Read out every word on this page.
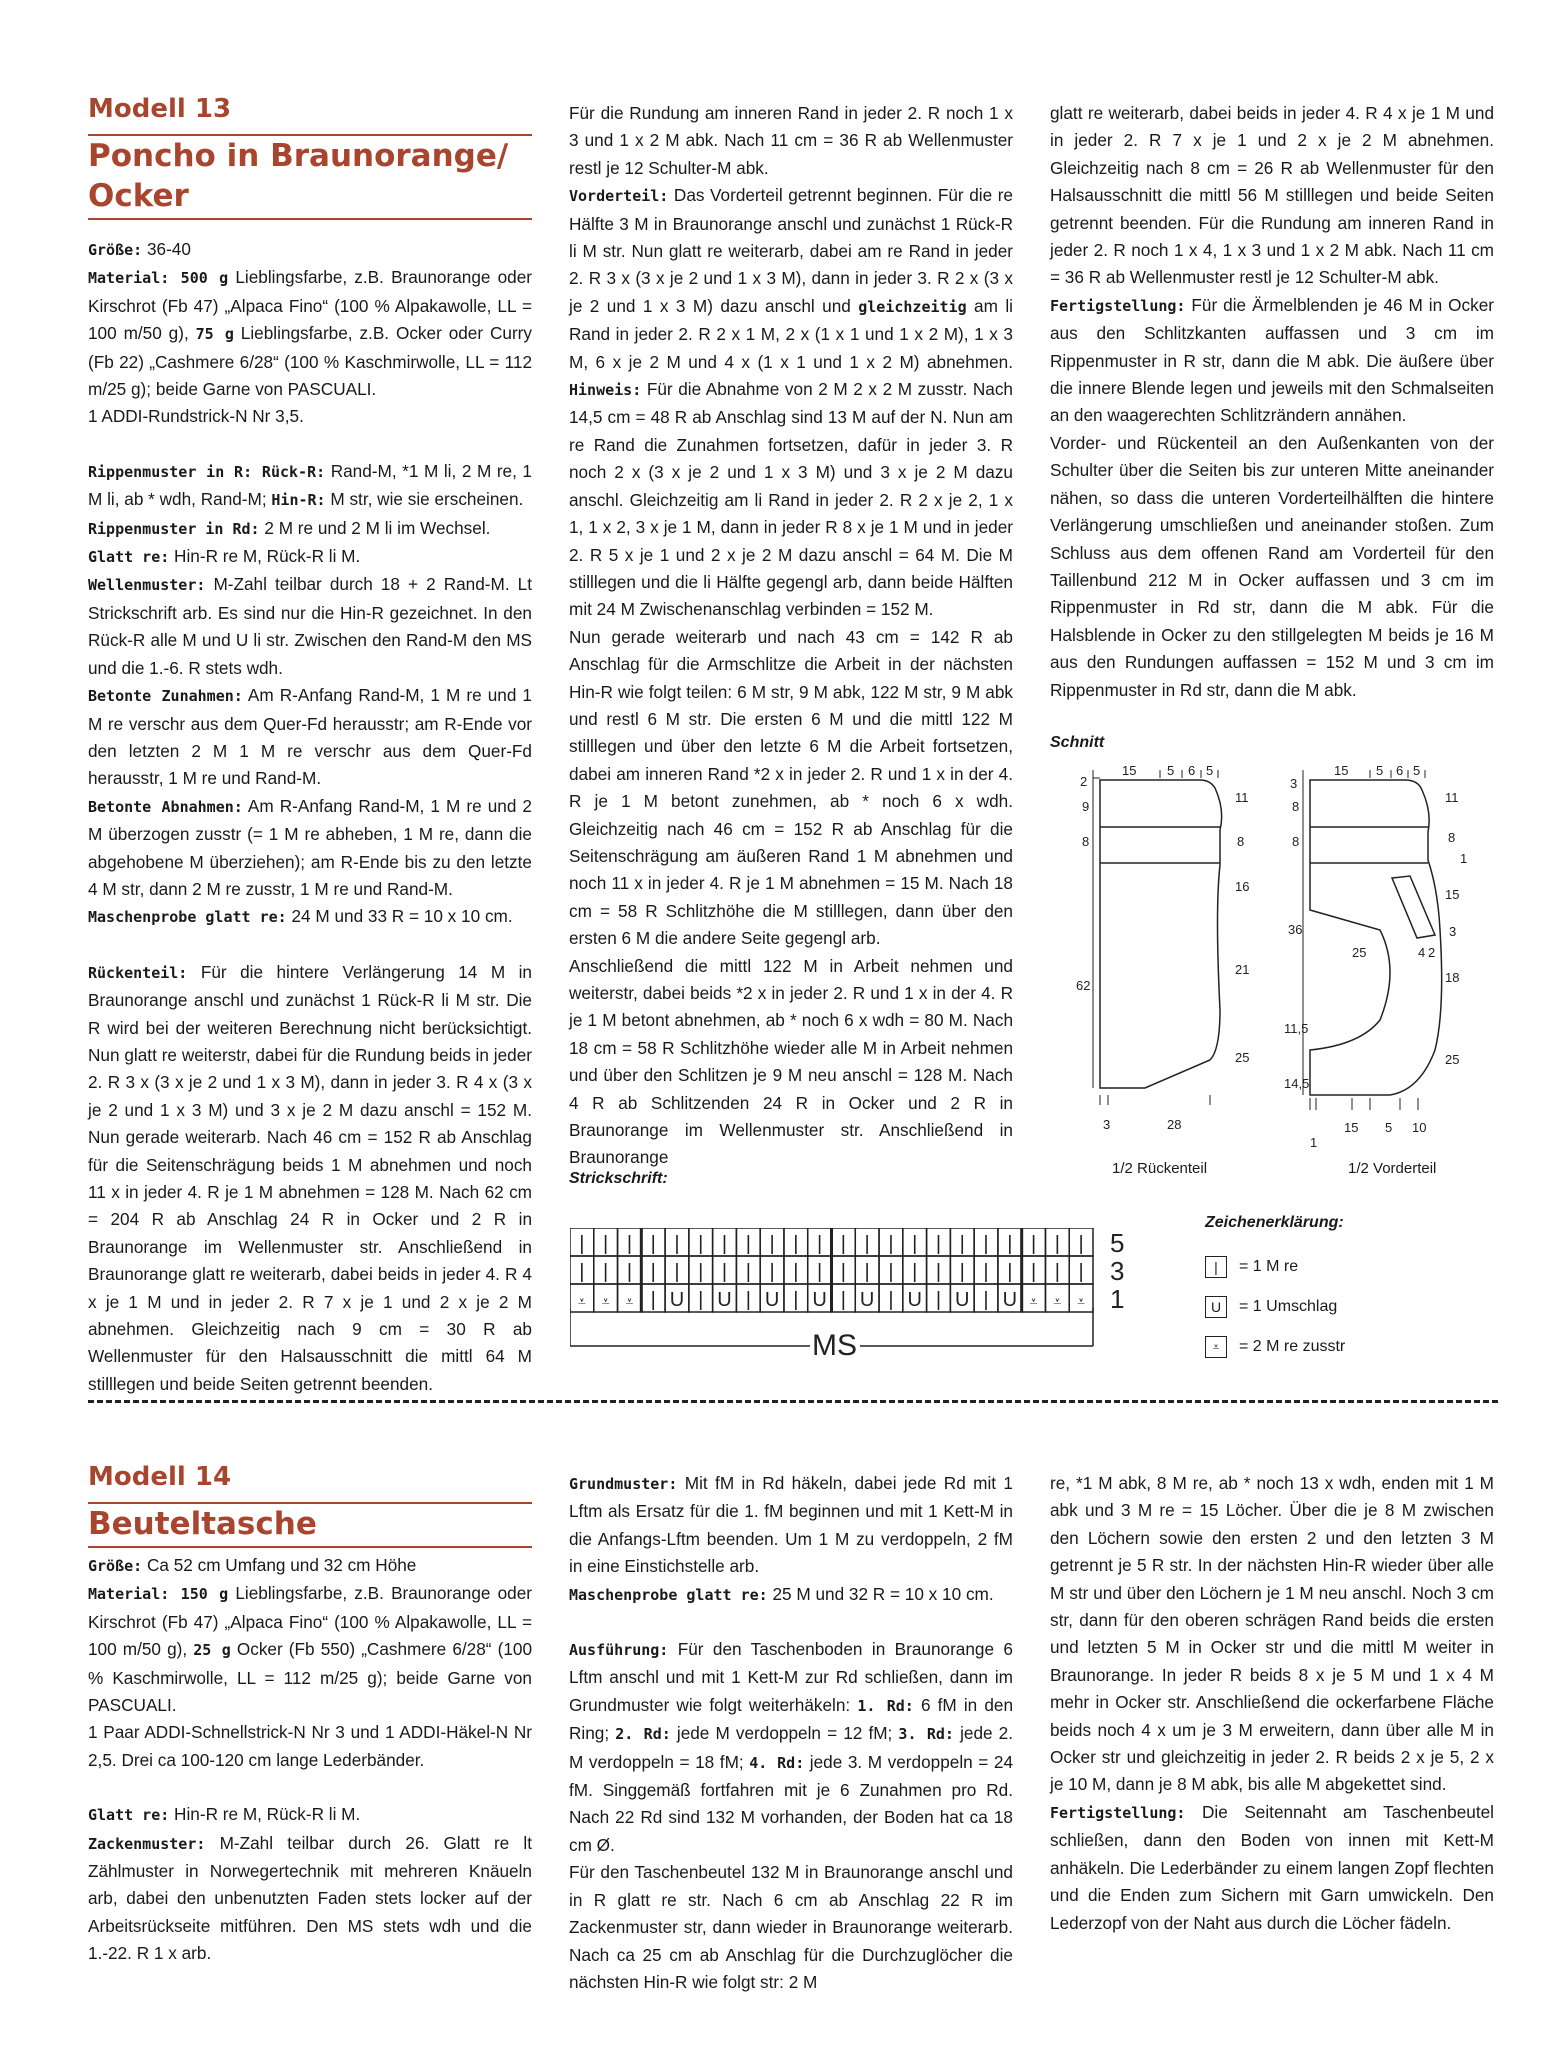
Modell 13
Poncho in Braunorange/
Ocker

Größe: 36-40

Material: 500 g Lieblingsfarbe, z.B. Braunorange oder Kirschrot (Fb 47) „Alpaca Fino“ (100 % Alpakawolle, LL = 100 m/50 g), 75 g Lieblingsfarbe, z.B. Ocker oder Curry (Fb 22) „Cashmere 6/28“ (100 % Kaschmirwolle, LL = 112 m/25 g); beide Garne von PASCUALI.

1 ADDI-Rundstrick-N Nr 3,5.

Rippenmuster in R: Rück-R: Rand-M, *1 M li, 2 M re, 1 M li, ab * wdh, Rand-M; Hin-R: M str, wie sie erscheinen.

Rippenmuster in Rd: 2 M re und 2 M li im Wechsel.

Glatt re: Hin-R re M, Rück-R li M.

Wellenmuster: M-Zahl teilbar durch 18 + 2 Rand-M. Lt Strickschrift arb. Es sind nur die Hin-R gezeichnet. In den Rück-R alle M und U li str. Zwischen den Rand-M den MS und die 1.-6. R stets wdh.

Betonte Zunahmen: Am R-Anfang Rand-M, 1 M re und 1 M re verschr aus dem Quer-Fd herausstr; am R-Ende vor den letzten 2 M 1 M re verschr aus dem Quer-Fd herausstr, 1 M re und Rand-M.

Betonte Abnahmen: Am R-Anfang Rand-M, 1 M re und 2 M überzogen zusstr (= 1 M re abheben, 1 M re, dann die abgehobene M überziehen); am R-Ende bis zu den letzte 4 M str, dann 2 M re zusstr, 1 M re und Rand-M.

Maschenprobe glatt re: 24 M und 33 R = 10 x 10 cm.

Rückenteil: Für die hintere Verlängerung 14 M in Braunorange anschl und zunächst 1 Rück-R li M str. Die R wird bei der weiteren Berechnung nicht berücksichtigt. Nun glatt re weiterstr, dabei für die Rundung beids in jeder 2. R 3 x (3 x je 2 und 1 x 3 M), dann in jeder 3. R 4 x (3 x je 2 und 1 x 3 M) und 3 x je 2 M dazu anschl = 152 M. Nun gerade weiterarb. Nach 46 cm = 152 R ab Anschlag für die Seitenschrägung beids 1 M abnehmen und noch 11 x in jeder 4. R je 1 M abnehmen = 128 M. Nach 62 cm = 204 R ab Anschlag 24 R in Ocker und 2 R in Braunorange im Wellenmuster str. Anschließend in Braunorange glatt re weiterarb, dabei beids in jeder 4. R 4 x je 1 M und in jeder 2. R 7 x je 1 und 2 x je 2 M abnehmen. Gleichzeitig nach 9 cm = 30 R ab Wellenmuster für den Halsausschnitt die mittl 64 M stilllegen und beide Seiten getrennt beenden.

Für die Rundung am inneren Rand in jeder 2. R noch 1 x 3 und 1 x 2 M abk. Nach 11 cm = 36 R ab Wellenmuster restl je 12 Schulter-M abk.

Vorderteil: Das Vorderteil getrennt beginnen. Für die re Hälfte 3 M in Braunorange anschl und zunächst 1 Rück-R li M str. Nun glatt re weiterarb, dabei am re Rand in jeder 2. R 3 x (3 x je 2 und 1 x 3 M), dann in jeder 3. R 2 x (3 x je 2 und 1 x 3 M) dazu anschl und gleichzeitig am li Rand in jeder 2. R 2 x 1 M, 2 x (1 x 1 und 1 x 2 M), 1 x 3 M, 6 x je 2 M und 4 x (1 x 1 und 1 x 2 M) abnehmen. Hinweis: Für die Abnahme von 2 M 2 x 2 M zusstr. Nach 14,5 cm = 48 R ab Anschlag sind 13 M auf der N. Nun am re Rand die Zunahmen fortsetzen, dafür in jeder 3. R noch 2 x (3 x je 2 und 1 x 3 M) und 3 x je 2 M dazu anschl. Gleichzeitig am li Rand in jeder 2. R 2 x je 2, 1 x 1, 1 x 2, 3 x je 1 M, dann in jeder R 8 x je 1 M und in jeder 2. R 5 x je 1 und 2 x je 2 M dazu anschl = 64 M. Die M stilllegen und die li Hälfte gegengl arb, dann beide Hälften mit 24 M Zwischenanschlag verbinden = 152 M.

Nun gerade weiterarb und nach 43 cm = 142 R ab Anschlag für die Armschlitze die Arbeit in der nächsten Hin-R wie folgt teilen: 6 M str, 9 M abk, 122 M str, 9 M abk und restl 6 M str. Die ersten 6 M und die mittl 122 M stilllegen und über den letzte 6 M die Arbeit fortsetzen, dabei am inneren Rand *2 x in jeder 2. R und 1 x in der 4. R je 1 M betont zunehmen, ab * noch 6 x wdh. Gleichzeitig nach 46 cm = 152 R ab Anschlag für die Seitenschrägung am äußeren Rand 1 M abnehmen und noch 11 x in jeder 4. R je 1 M abnehmen = 15 M. Nach 18 cm = 58 R Schlitzhöhe die M stilllegen, dann über den ersten 6 M die andere Seite gegengl arb.

Anschließend die mittl 122 M in Arbeit nehmen und weiterstr, dabei beids *2 x in jeder 2. R und 1 x in der 4. R je 1 M betont abnehmen, ab * noch 6 x wdh = 80 M. Nach 18 cm = 58 R Schlitzhöhe wieder alle M in Arbeit nehmen und über den Schlitzen je 9 M neu anschl = 128 M. Nach 4 R ab Schlitzenden 24 R in Ocker und 2 R in Braunorange im Wellenmuster str. Anschließend in Braunorange

glatt re weiterarb, dabei beids in jeder 4. R 4 x je 1 M und in jeder 2. R 7 x je 1 und 2 x je 2 M abnehmen. Gleichzeitig nach 8 cm = 26 R ab Wellenmuster für den Halsausschnitt die mittl 56 M stilllegen und beide Seiten getrennt beenden. Für die Rundung am inneren Rand in jeder 2. R noch 1 x 4, 1 x 3 und 1 x 2 M abk. Nach 11 cm = 36 R ab Wellenmuster restl je 12 Schulter-M abk.

Fertigstellung: Für die Ärmelblenden je 46 M in Ocker aus den Schlitzkanten auffassen und 3 cm im Rippenmuster in R str, dann die M abk. Die äußere über die innere Blende legen und jeweils mit den Schmalseiten an den waagerechten Schlitzrändern annähen.

Vorder- und Rückenteil an den Außenkanten von der Schulter über die Seiten bis zur unteren Mitte aneinander nähen, so dass die unteren Vorderteilhälften die hintere Verlängerung umschließen und aneinander stoßen. Zum Schluss aus dem offenen Rand am Vorderteil für den Taillenbund 212 M in Ocker auffassen und 3 cm im Rippenmuster in Rd str, dann die M abk. Für die Halsblende in Ocker zu den stillgelegten M beids je 16 M aus den Rundungen auffassen = 152 M und 3 cm im Rippenmuster in Rd str, dann die M abk.

Schnitt
2
9
8
62
15 5 6 5
11
8
16
21
25
3	28
3
8
8
36
11,5
14,5
15 5 6 5
11
8
1
15
3
18
25
25	4 2
1
15 5 10
1/2 Rückenteil	1/2 Vorderteil
Strickschrift:
| | | | | | | | | | | | | | | | | | | | | |
| | | | | | | | | | | | | | | | | | | | | |
⩡ ⩡ ⩡ | U | U | U | U | U | U | U | U ⩡ ⩡ ⩡
MS
5
3
1
Zeichenerklärung:
|	= 1 M re
U	= 1 Umschlag
⩡	= 2 M re zusstr
Modell 14
Beuteltasche

Größe: Ca 52 cm Umfang und 32 cm Höhe

Material: 150 g Lieblingsfarbe, z.B. Braunorange oder Kirschrot (Fb 47) „Alpaca Fino“ (100 % Alpakawolle, LL = 100 m/50 g), 25 g Ocker (Fb 550) „Cashmere 6/28“ (100 % Kaschmirwolle, LL = 112 m/25 g); beide Garne von PASCUALI.

1 Paar ADDI-Schnellstrick-N Nr 3 und 1 ADDI-Häkel-N Nr 2,5. Drei ca 100-120 cm lange Lederbänder.

Glatt re: Hin-R re M, Rück-R li M.

Zackenmuster: M-Zahl teilbar durch 26. Glatt re lt Zählmuster in Norwegertechnik mit mehreren Knäueln arb, dabei den unbenutzten Faden stets locker auf der Arbeitsrückseite mitführen. Den MS stets wdh und die 1.-22. R 1 x arb.

Grundmuster: Mit fM in Rd häkeln, dabei jede Rd mit 1 Lftm als Ersatz für die 1. fM beginnen und mit 1 Kett-M in die Anfangs-Lftm beenden. Um 1 M zu verdoppeln, 2 fM in eine Einstichstelle arb.

Maschenprobe glatt re: 25 M und 32 R = 10 x 10 cm.

Ausführung: Für den Taschenboden in Braunorange 6 Lftm anschl und mit 1 Kett-M zur Rd schließen, dann im Grundmuster wie folgt weiterhäkeln: 1. Rd: 6 fM in den Ring; 2. Rd: jede M verdoppeln = 12 fM; 3. Rd: jede 2. M verdoppeln = 18 fM; 4. Rd: jede 3. M verdoppeln = 24 fM. Singgemäß fortfahren mit je 6 Zunahmen pro Rd. Nach 22 Rd sind 132 M vorhanden, der Boden hat ca 18 cm Ø.

Für den Taschenbeutel 132 M in Braunorange anschl und in R glatt re str. Nach 6 cm ab Anschlag 22 R im Zackenmuster str, dann wieder in Braunorange weiterarb. Nach ca 25 cm ab Anschlag für die Durchzuglöcher die nächsten Hin-R wie folgt str: 2 M

re, *1 M abk, 8 M re, ab * noch 13 x wdh, enden mit 1 M abk und 3 M re = 15 Löcher. Über die je 8 M zwischen den Löchern sowie den ersten 2 und den letzten 3 M getrennt je 5 R str. In der nächsten Hin-R wieder über alle M str und über den Löchern je 1 M neu anschl. Noch 3 cm str, dann für den oberen schrägen Rand beids die ersten und letzten 5 M in Ocker str und die mittl M weiter in Braunorange. In jeder R beids 8 x je 5 M und 1 x 4 M mehr in Ocker str. Anschließend die ockerfarbene Fläche beids noch 4 x um je 3 M erweitern, dann über alle M in Ocker str und gleichzeitig in jeder 2. R beids 2 x je 5, 2 x je 10 M, dann je 8 M abk, bis alle M abgekettet sind.

Fertigstellung: Die Seitennaht am Taschenbeutel schließen, dann den Boden von innen mit Kett-M anhäkeln. Die Lederbänder zu einem langen Zopf flechten und die Enden zum Sichern mit Garn umwickeln. Den Lederzopf von der Naht aus durch die Löcher fädeln.
